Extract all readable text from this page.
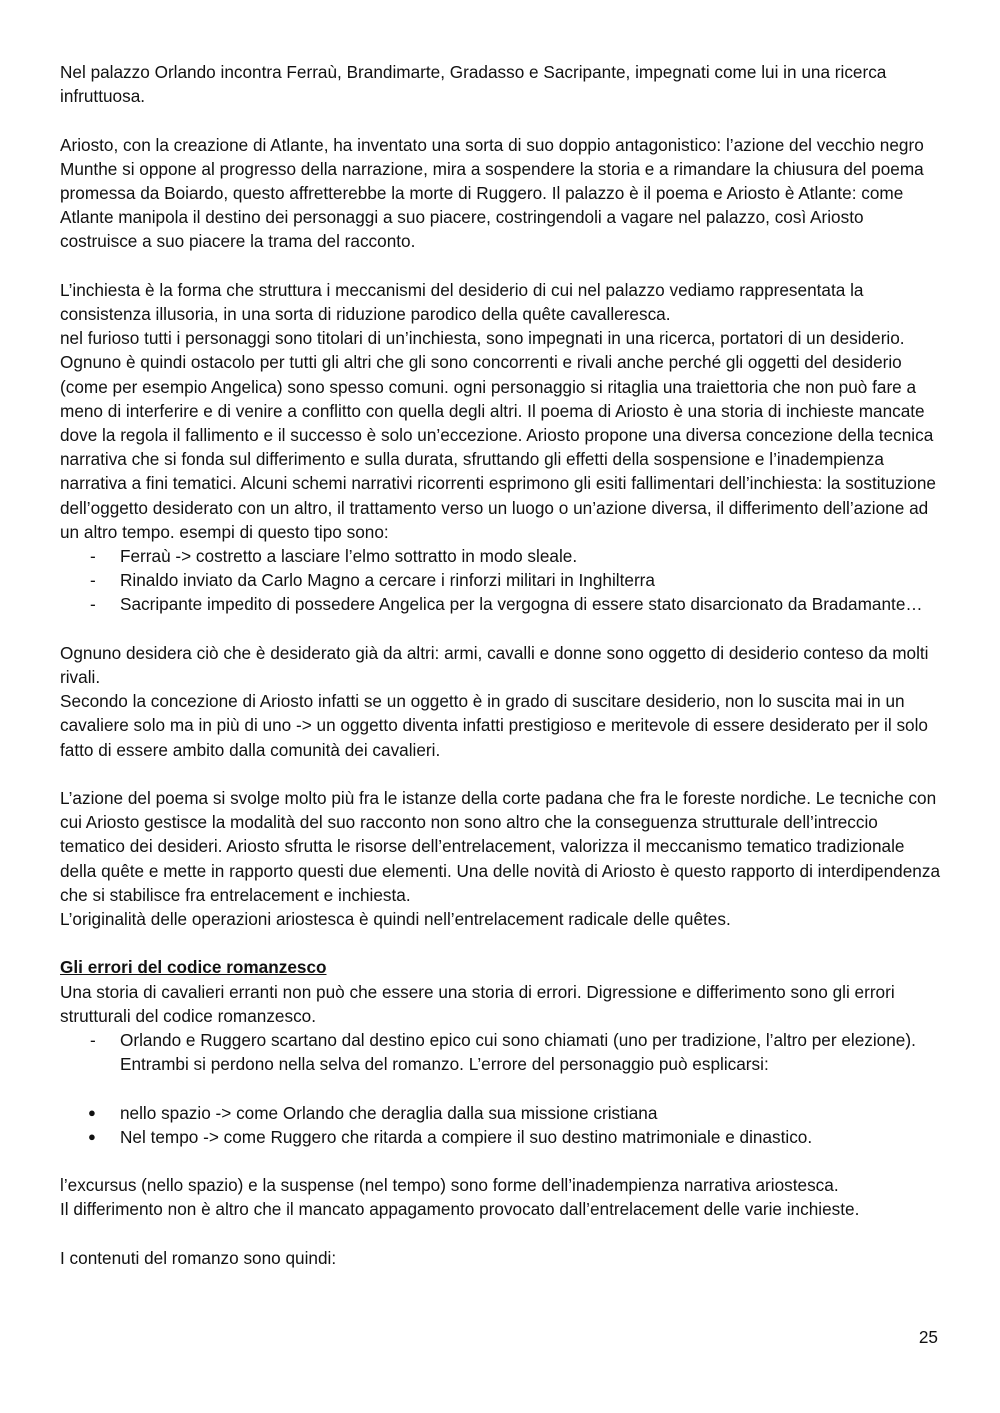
Nel palazzo Orlando incontra Ferraù, Brandimarte, Gradasso e Sacripante, impegnati come lui in una ricerca infruttuosa.

Ariosto, con la creazione di Atlante, ha inventato una sorta di suo doppio antagonistico: l’azione del vecchio negro Munthe si oppone al progresso della narrazione, mira a sospendere la storia e a rimandare la chiusura del poema promessa da Boiardo, questo affretterebbe la morte di Ruggero. Il palazzo è il poema e Ariosto è Atlante: come Atlante manipola il destino dei personaggi a suo piacere, costringendoli a vagare nel palazzo, così Ariosto costruisce a suo piacere la trama del racconto.

L’inchiesta è la forma che struttura i meccanismi del desiderio di cui nel palazzo vediamo rappresentata la consistenza illusoria, in una sorta di riduzione parodico della quête cavalleresca.

nel furioso tutti i personaggi sono titolari di un’inchiesta, sono impegnati in una ricerca, portatori di un desiderio. Ognuno è quindi ostacolo per tutti gli altri che gli sono concorrenti e rivali anche perché gli oggetti del desiderio (come per esempio Angelica) sono spesso comuni. ogni personaggio si ritaglia una traiettoria che non può fare a meno di interferire e di venire a conflitto con quella degli altri. Il poema di Ariosto è una storia di inchieste mancate dove la regola il fallimento e il successo è solo un’eccezione. Ariosto propone una diversa concezione della tecnica narrativa che si fonda sul differimento e sulla durata, sfruttando gli effetti della sospensione e l’inadempienza narrativa a fini tematici. Alcuni schemi narrativi ricorrenti esprimono gli esiti fallimentari dell’inchiesta: la sostituzione dell’oggetto desiderato con un altro, il trattamento verso un luogo o un’azione diversa, il differimento dell’azione ad un altro tempo. esempi di questo tipo sono:

- Ferraù -> costretto a lasciare l’elmo sottratto in modo sleale.
- Rinaldo inviato da Carlo Magno a cercare i rinforzi militari in Inghilterra
- Sacripante impedito di possedere Angelica per la vergogna di essere stato disarcionato da Bradamante…

Ognuno desidera ciò che è desiderato già da altri: armi, cavalli e donne sono oggetto di desiderio conteso da molti rivali.

Secondo la concezione di Ariosto infatti se un oggetto è in grado di suscitare desiderio, non lo suscita mai in un cavaliere solo ma in più di uno -> un oggetto diventa infatti prestigioso e meritevole di essere desiderato per il solo fatto di essere ambito dalla comunità dei cavalieri.

L’azione del poema si svolge molto più fra le istanze della corte padana che fra le foreste nordiche. Le tecniche con cui Ariosto gestisce la modalità del suo racconto non sono altro che la conseguenza strutturale dell’intreccio tematico dei desideri. Ariosto sfrutta le risorse dell’entrelacement, valorizza il meccanismo tematico tradizionale della quête e mette in rapporto questi due elementi. Una delle novità di Ariosto è questo rapporto di interdipendenza che si stabilisce fra entrelacement e inchiesta.

L’originalità delle operazioni ariostesca è quindi nell’entrelacement radicale delle quêtes.

Gli errori del codice romanzesco

Una storia di cavalieri erranti non può che essere una storia di errori. Digressione e differimento sono gli errori strutturali del codice romanzesco.

- Orlando e Ruggero scartano dal destino epico cui sono chiamati (uno per tradizione, l’altro per elezione). Entrambi si perdono nella selva del romanzo. L’errore del personaggio può esplicarsi:
● nello spazio -> come Orlando che deraglia dalla sua missione cristiana
● Nel tempo -> come Ruggero che ritarda a compiere il suo destino matrimoniale e dinastico.

l’excursus (nello spazio) e la suspense (nel tempo) sono forme dell’inadempienza narrativa ariostesca.

Il differimento non è altro che il mancato appagamento provocato dall’entrelacement delle varie inchieste.

I contenuti del romanzo sono quindi:

25
